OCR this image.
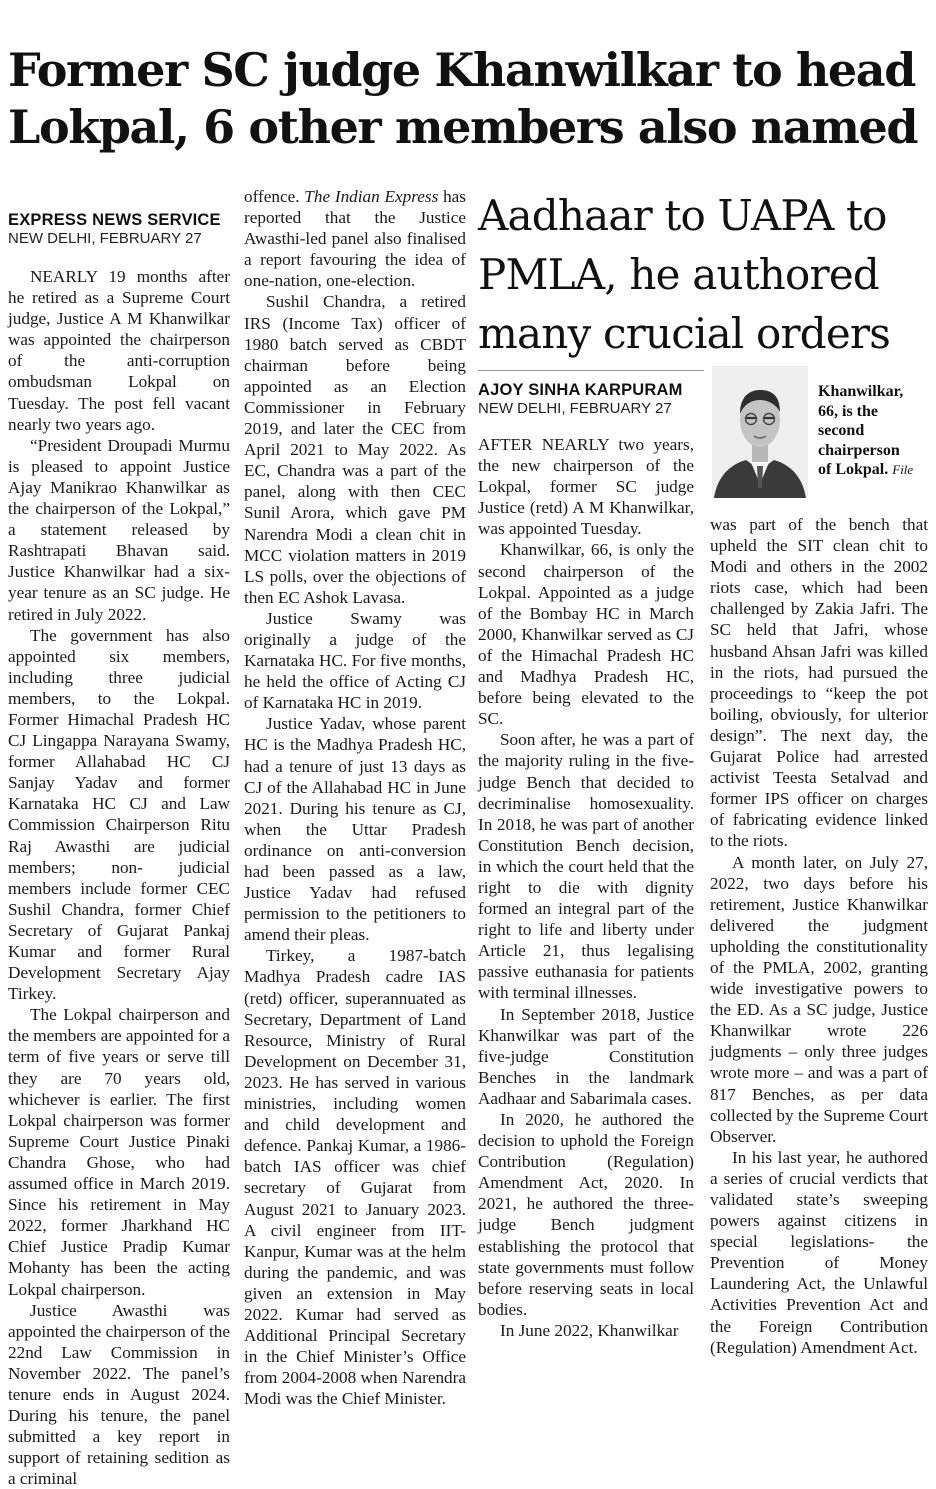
Former SC judge Khanwilkar to head
Lokpal, 6 other members also named
EXPRESS NEWS SERVICE
NEW DELHI, FEBRUARY 27

NEARLY 19 months after he retired as a Supreme Court judge, Justice A M Khanwilkar was appointed the chairperson of the anti-corruption ombudsman Lokpal on Tuesday. The post fell vacant nearly two years ago.

“President Droupadi Murmu is pleased to appoint Justice Ajay Manikrao Khanwilkar as the chairperson of the Lokpal,” a statement released by Rashtrapati Bhavan said. Justice Khanwilkar had a six-year tenure as an SC judge. He retired in July 2022.

The government has also appointed six members, including three judicial members, to the Lokpal. Former Himachal Pradesh HC CJ Lingappa Narayana Swamy, former Allahabad HC CJ Sanjay Yadav and former Karnataka HC CJ and Law Commission Chairperson Ritu Raj Awasthi are judicial members; non- judicial members include former CEC Sushil Chandra, former Chief Secretary of Gujarat Pankaj Kumar and former Rural Development Secretary Ajay Tirkey.

The Lokpal chairperson and the members are appointed for a term of five years or serve till they are 70 years old, whichever is earlier. The first Lokpal chairperson was former Supreme Court Justice Pinaki Chandra Ghose, who had assumed office in March 2019. Since his retirement in May 2022, former Jharkhand HC Chief Justice Pradip Kumar Mohanty has been the acting Lokpal chairperson.

Justice Awasthi was appointed the chairperson of the 22nd Law Commission in November 2022. The panel’s tenure ends in August 2024. During his tenure, the panel submitted a key report in support of retaining sedition as a criminal

offence. The Indian Express has reported that the Justice Awasthi-led panel also finalised a report favouring the idea of one-nation, one-election.

Sushil Chandra, a retired IRS (Income Tax) officer of 1980 batch served as CBDT chairman before being appointed as an Election Commissioner in February 2019, and later the CEC from April 2021 to May 2022. As EC, Chandra was a part of the panel, along with then CEC Sunil Arora, which gave PM Narendra Modi a clean chit in MCC violation matters in 2019 LS polls, over the objections of then EC Ashok Lavasa.

Justice Swamy was originally a judge of the Karnataka HC. For five months, he held the office of Acting CJ of Karnataka HC in 2019.

Justice Yadav, whose parent HC is the Madhya Pradesh HC, had a tenure of just 13 days as CJ of the Allahabad HC in June 2021. During his tenure as CJ, when the Uttar Pradesh ordinance on anti-conversion had been passed as a law, Justice Yadav had refused permission to the petitioners to amend their pleas.

Tirkey, a 1987-batch Madhya Pradesh cadre IAS (retd) officer, superannuated as Secretary, Department of Land Resource, Ministry of Rural Development on December 31, 2023. He has served in various ministries, including women and child development and defence. Pankaj Kumar, a 1986-batch IAS officer was chief secretary of Gujarat from August 2021 to January 2023. A civil engineer from IIT-Kanpur, Kumar was at the helm during the pandemic, and was given an extension in May 2022. Kumar had served as Additional Principal Secretary in the Chief Minister’s Office from 2004-2008 when Narendra Modi was the Chief Minister.

Aadhaar to UAPA to
PMLA, he authored
many crucial orders
AJOY SINHA KARPURAM
NEW DELHI, FEBRUARY 27

Khanwilkar,
66, is the
second
chairperson
of Lokpal. File

AFTER NEARLY two years, the new chairperson of the Lokpal, former SC judge Justice (retd) A M Khanwilkar, was appointed Tuesday.

Khanwilkar, 66, is only the second chairperson of the Lokpal. Appointed as a judge of the Bombay HC in March 2000, Khanwilkar served as CJ of the Himachal Pradesh HC and Madhya Pradesh HC, before being elevated to the SC.

Soon after, he was a part of the majority ruling in the five-judge Bench that decided to decriminalise homosexuality. In 2018, he was part of another Constitution Bench decision, in which the court held that the right to die with dignity formed an integral part of the right to life and liberty under Article 21, thus legalising passive euthanasia for patients with terminal illnesses.

In September 2018, Justice Khanwilkar was part of the five-judge Constitution Benches in the landmark Aadhaar and Sabarimala cases.

In 2020, he authored the decision to uphold the Foreign Contribution (Regulation) Amendment Act, 2020. In 2021, he authored the three-judge Bench judgment establishing the protocol that state governments must follow before reserving seats in local bodies.

In June 2022, Khanwilkar

was part of the bench that upheld the SIT clean chit to Modi and others in the 2002 riots case, which had been challenged by Zakia Jafri. The SC held that Jafri, whose husband Ahsan Jafri was killed in the riots, had pursued the proceedings to “keep the pot boiling, obviously, for ulterior design”. The next day, the Gujarat Police had arrested activist Teesta Setalvad and former IPS officer on charges of fabricating evidence linked to the riots.

A month later, on July 27, 2022, two days before his retirement, Justice Khanwilkar delivered the judgment upholding the constitutionality of the PMLA, 2002, granting wide investigative powers to the ED. As a SC judge, Justice Khanwilkar wrote 226 judgments – only three judges wrote more – and was a part of 817 Benches, as per data collected by the Supreme Court Observer.

In his last year, he authored a series of crucial verdicts that validated state’s sweeping powers against citizens in special legislations- the Prevention of Money Laundering Act, the Unlawful Activities Prevention Act and the Foreign Contribution (Regulation) Amendment Act.
